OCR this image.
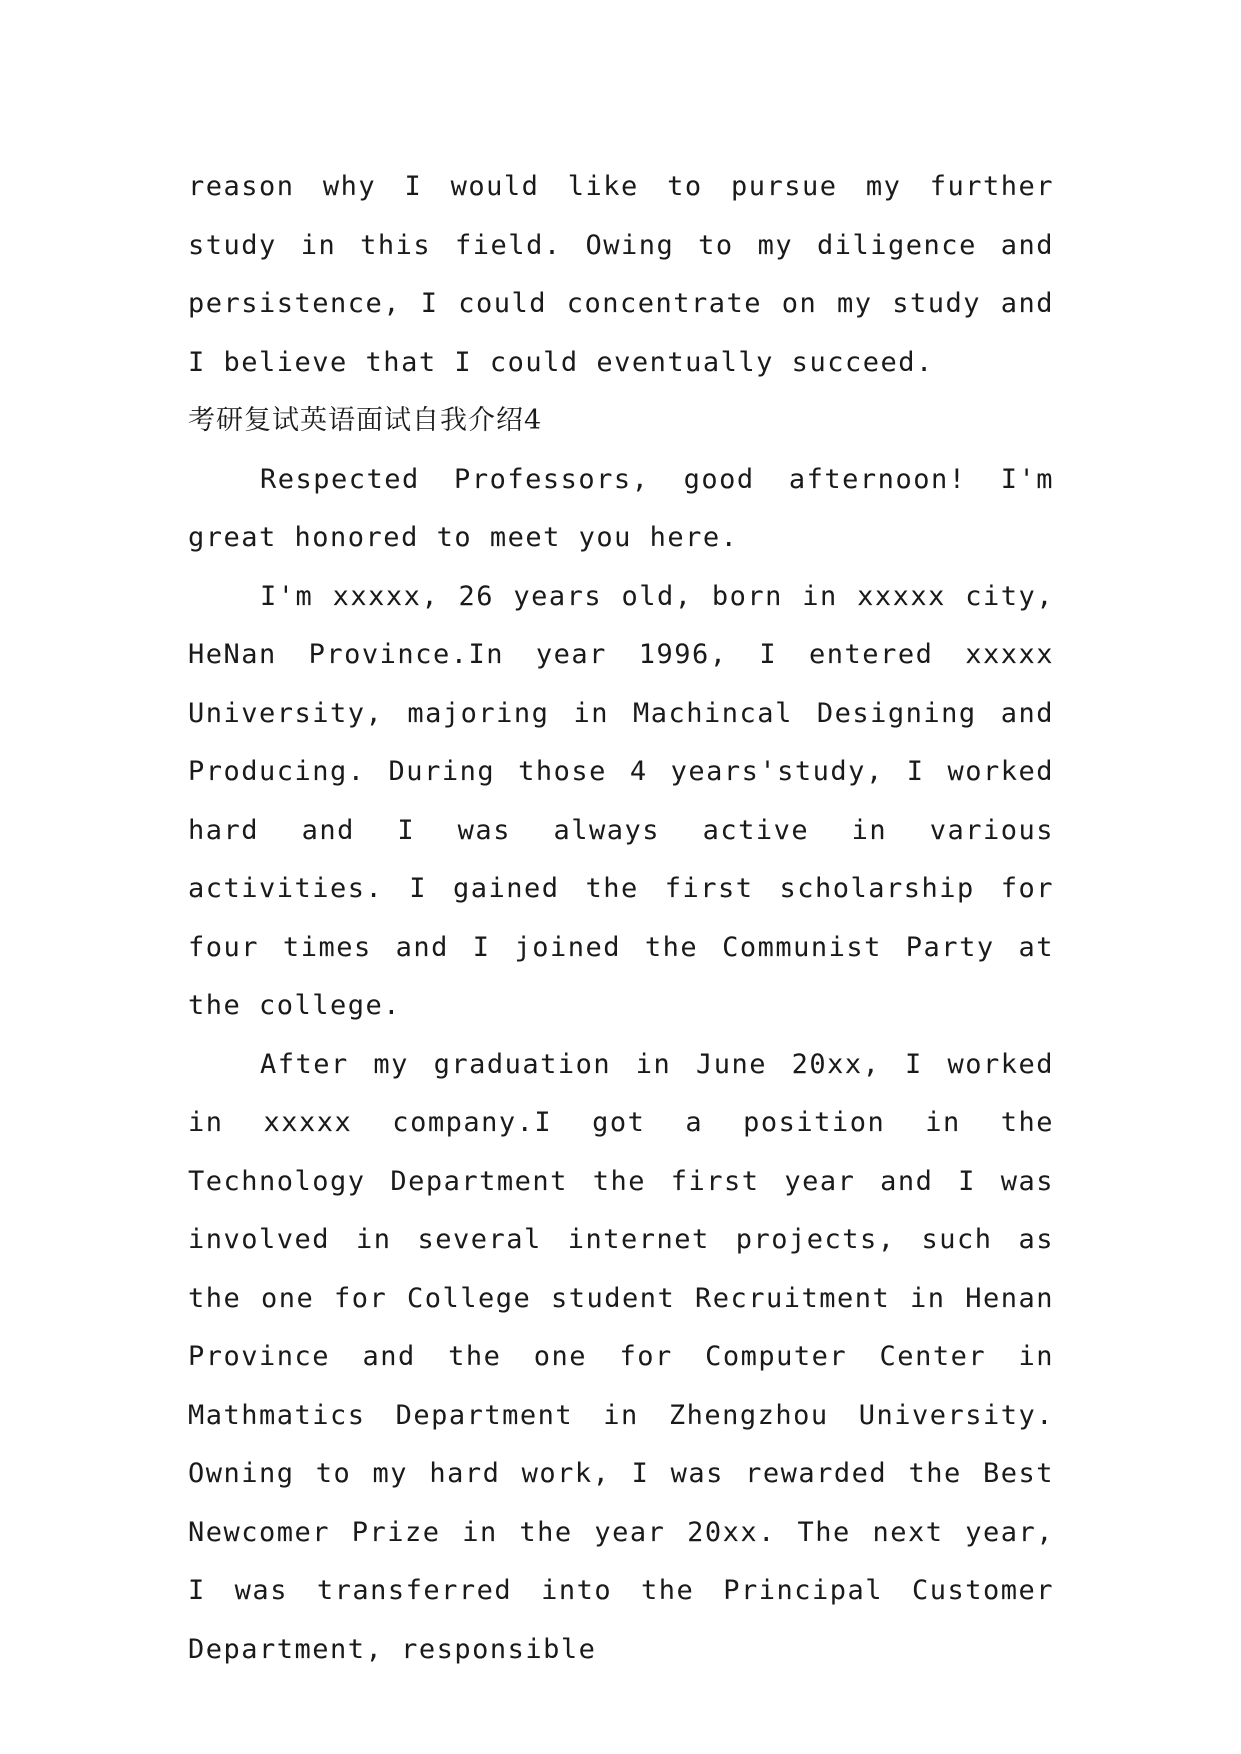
reason why I would like to pursue my further study in this field. Owing to my diligence and persistence, I could concentrate on my study and I believe that I could eventually succeed.

考研复试英语面试自我介绍4

Respected Professors, good afternoon! I'm great honored to meet you here.

I'm xxxxx, 26 years old, born in xxxxx city, HeNan Province.In year 1996, I entered xxxxx University, majoring in Machincal Designing and Producing. During those 4 years'study, I worked hard and I was always active in various activities. I gained the first scholarship for four times and I joined the Communist Party at the college.

After my graduation in June 20xx, I worked in xxxxx company.I got a position in the Technology Department the first year and I was involved in several internet projects, such as the one for College student Recruitment in Henan Province and the one for Computer Center in Mathmatics Department in Zhengzhou University. Owning to my hard work, I was rewarded the Best Newcomer Prize in the year 20xx. The next year, I was transferred into the Principal Customer Department, responsible
